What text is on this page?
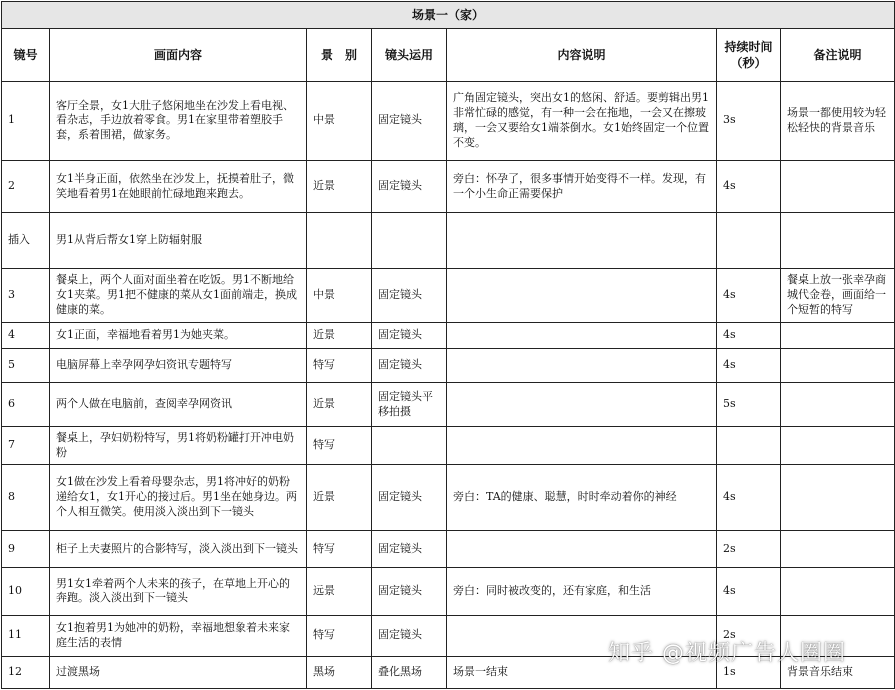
场景一（家）						
镜号	画面内容	景　别	镜头运用	内容说明	持续时间（秒）	备注说明
1	客厅全景，女1大肚子悠闲地坐在沙发上看电视、看杂志，手边放着零食。男1在家里带着塑胶手套，系着围裙，做家务。	中景	固定镜头	广角固定镜头，突出女1的悠闲、舒适。要剪辑出男1非常忙碌的感觉，有一种一会在拖地，一会又在擦玻璃，一会又要给女1端茶倒水。女1始终固定一个位置不变。	3s	场景一都使用较为轻松轻快的背景音乐
2	女1半身正面，依然坐在沙发上，抚摸着肚子，微笑地看着男1在她眼前忙碌地跑来跑去。	近景	固定镜头	旁白：怀孕了，很多事情开始变得不一样。发现，有一个小生命正需要保护	4s	
插入	男1从背后帮女1穿上防辐射服					
3	餐桌上，两个人面对面坐着在吃饭。男1不断地给女1夹菜。男1把不健康的菜从女1面前端走，换成健康的菜。	中景	固定镜头		4s	餐桌上放一张幸孕商城代金卷，画面给一个短暂的特写
4	女1正面，幸福地看着男1为她夹菜。	近景	固定镜头		4s	
5	电脑屏幕上幸孕网孕妇资讯专题特写	特写	固定镜头		4s	
6	两个人做在电脑前，查阅幸孕网资讯	近景	固定镜头平移拍摄		5s	
7	餐桌上，孕妇奶粉特写，男1将奶粉罐打开冲电奶粉	特写				
8	女1做在沙发上看着母婴杂志，男1将冲好的奶粉递给女1，女1开心的接过后。男1坐在她身边。两个人相互微笑。使用淡入淡出到下一镜头	近景	固定镜头	旁白：TA的健康、聪慧，时时牵动着你的神经	4s	
9	柜子上夫妻照片的合影特写，淡入淡出到下一镜头	特写	固定镜头		2s	
10	男1女1牵着两个人未来的孩子，在草地上开心的奔跑。淡入淡出到下一镜头	远景	固定镜头	旁白：同时被改变的，还有家庭，和生活	4s	
11	女1抱着男1为她冲的奶粉，幸福地想象着未来家庭生活的表情	特写	固定镜头		2s	
12	过渡黑场	黑场	叠化黑场	场景一结束	1s	背景音乐结束
知乎 @视频广告人圈圈
